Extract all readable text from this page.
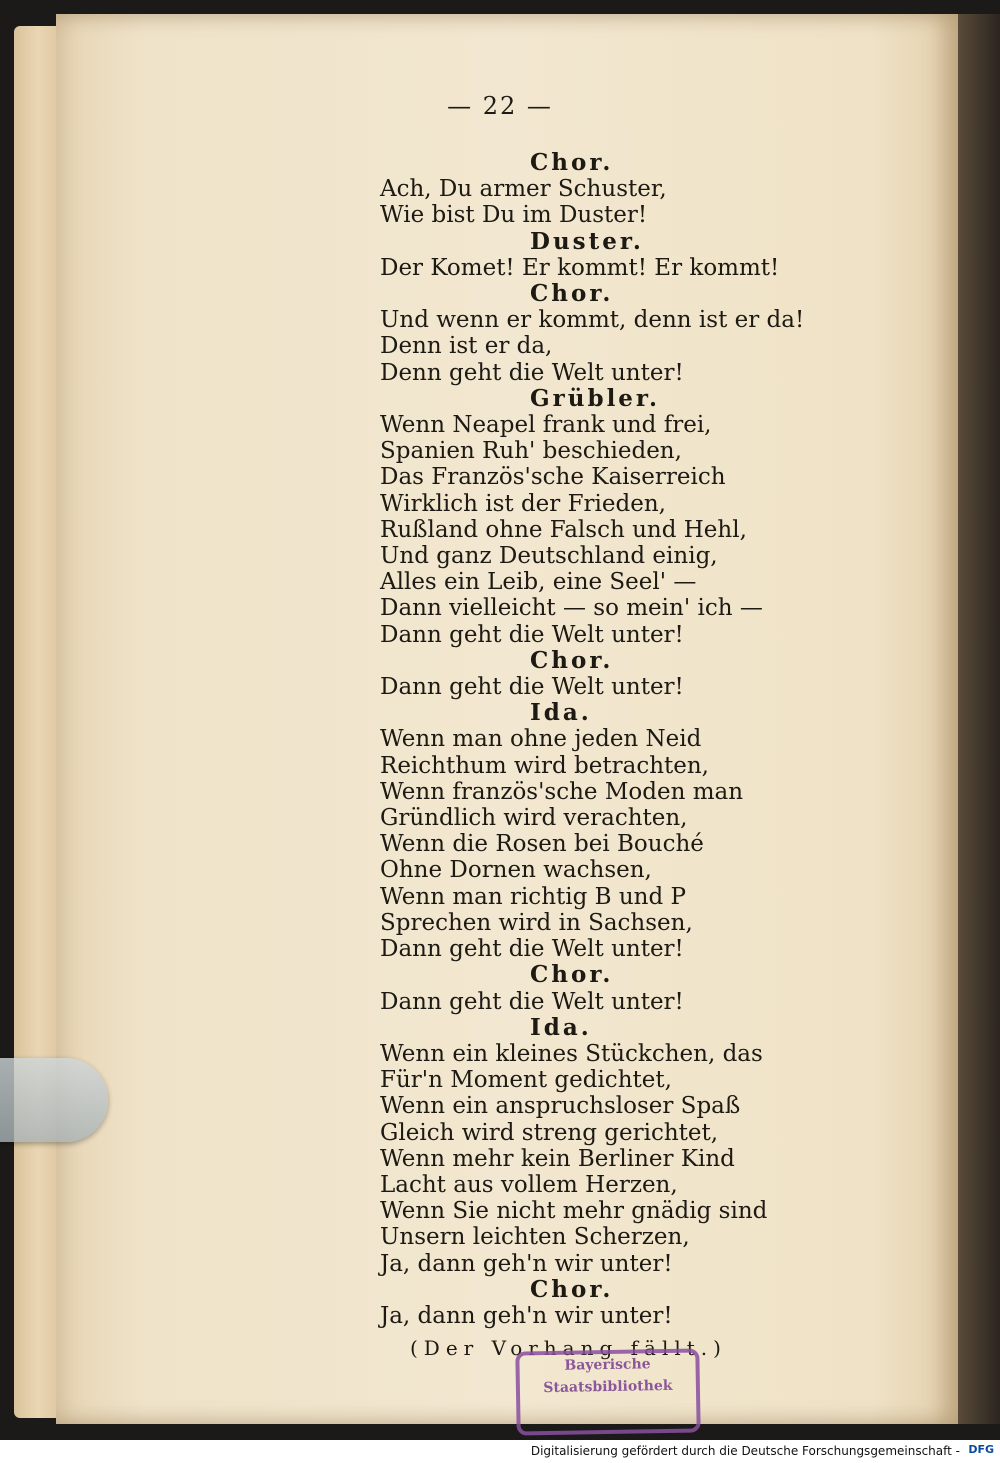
— 22 —
Chor.
Ach, Du armer Schuster,
Wie bist Du im Duster!
Duster.
Der Komet! Er kommt! Er kommt!
Chor.
Und wenn er kommt, denn ist er da!
Denn ist er da,
Denn geht die Welt unter!
Grübler.
Wenn Neapel frank und frei,
Spanien Ruh' beschieden,
Das Französ'sche Kaiserreich
Wirklich ist der Frieden,
Rußland ohne Falsch und Hehl,
Und ganz Deutschland einig,
Alles ein Leib, eine Seel' —
Dann vielleicht — so mein' ich —
Dann geht die Welt unter!
Chor.
Dann geht die Welt unter!
Ida.
Wenn man ohne jeden Neid
Reichthum wird betrachten,
Wenn französ'sche Moden man
Gründlich wird verachten,
Wenn die Rosen bei Bouché
Ohne Dornen wachsen,
Wenn man richtig B und P
Sprechen wird in Sachsen,
Dann geht die Welt unter!
Chor.
Dann geht die Welt unter!
Ida.
Wenn ein kleines Stückchen, das
Für'n Moment gedichtet,
Wenn ein anspruchsloser Spaß
Gleich wird streng gerichtet,
Wenn mehr kein Berliner Kind
Lacht aus vollem Herzen,
Wenn Sie nicht mehr gnädig sind
Unsern leichten Scherzen,
Ja, dann geh'n wir unter!
Chor.
Ja, dann geh'n wir unter!
(Der Vorhang fällt.)
Bayerische
Staatsbibliothek
Digitalisierung gefördert durch die Deutsche Forschungsgemeinschaft - DFG
